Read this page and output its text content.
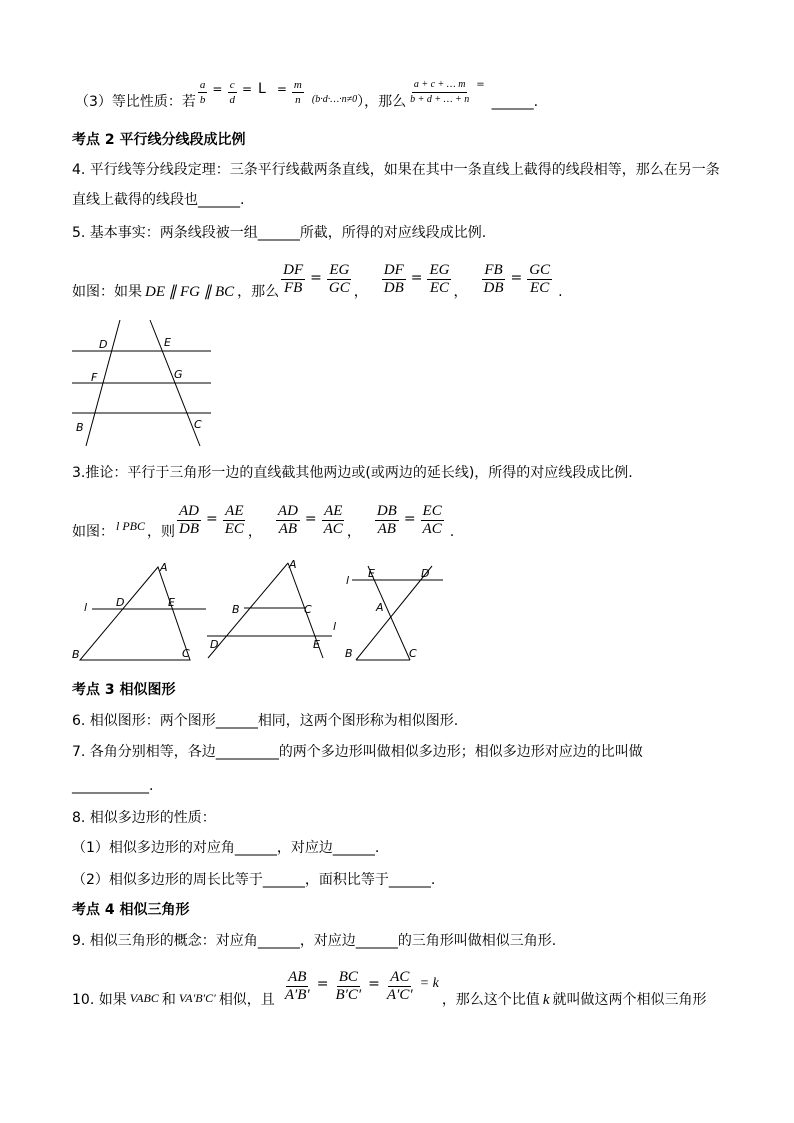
（3）等比性质：若 $\frac{a}{b} = \frac{c}{d} = L = \frac{m}{n}$ (b·d·…·n≠0 ），那么 $\frac{a + c + \dots m}{b + d + \dots + n}$ =
______ .
考点 2 平行线分线段成比例
4. 平行线等分线段定理：三条平行线截两条直线，如果在其中一条直线上截得的线段相等，那么在另一条
直线上截得的线段也 ______ .
5. 基本事实：两条线段被一组 ______ 所截，所得的对应线段成比例.
如图：如果 DE ∥ FG ∥ BC ，那么 $\frac{DF}{FB} = \frac{EG}{GC}$ ， $\frac{DF}{DB} = \frac{EG}{EC}$ ， $\frac{FB}{DB} = \frac{GC}{EC}$ .
D	E
F	G
B	C
3.推论：平行于三角形一边的直线截其他两边或(或两边的延长线)，所得的对应线段成比例.
如图： l PBC ，则 $\frac{AD}{DB} = \frac{AE}{EC}$ ， $\frac{AD}{AB} = \frac{AE}{AC}$ ， $\frac{DB}{AB} = \frac{EC}{AC}$ .
A
l	D	E
B	C
A
B	C
l
D	E
l
E	D
A
B	C
考点 3 相似图形
6. 相似图形：两个图形 ______ 相同，这两个图形称为相似图形.
7. 各角分别相等，各边 _________ 的两个多边形叫做相似多边形；相似多边形对应边的比叫做
___________ .
8. 相似多边形的性质：
（1）相似多边形的对应角 ______ ，对应边 ______ .
（2）相似多边形的周长比等于 ______ ，面积比等于 ______ .
考点 4 相似三角形
9. 相似三角形的概念：对应角 ______ ，对应边 ______ 的三角形叫做相似三角形.
10. 如果 VABC 和 VA′B′C′ 相似，且 $\frac{AB}{A'B'} = \frac{BC}{B'C'} = \frac{AC}{A'C'} = k$
，那么这个比值 k 就叫做这两个相似三角形
